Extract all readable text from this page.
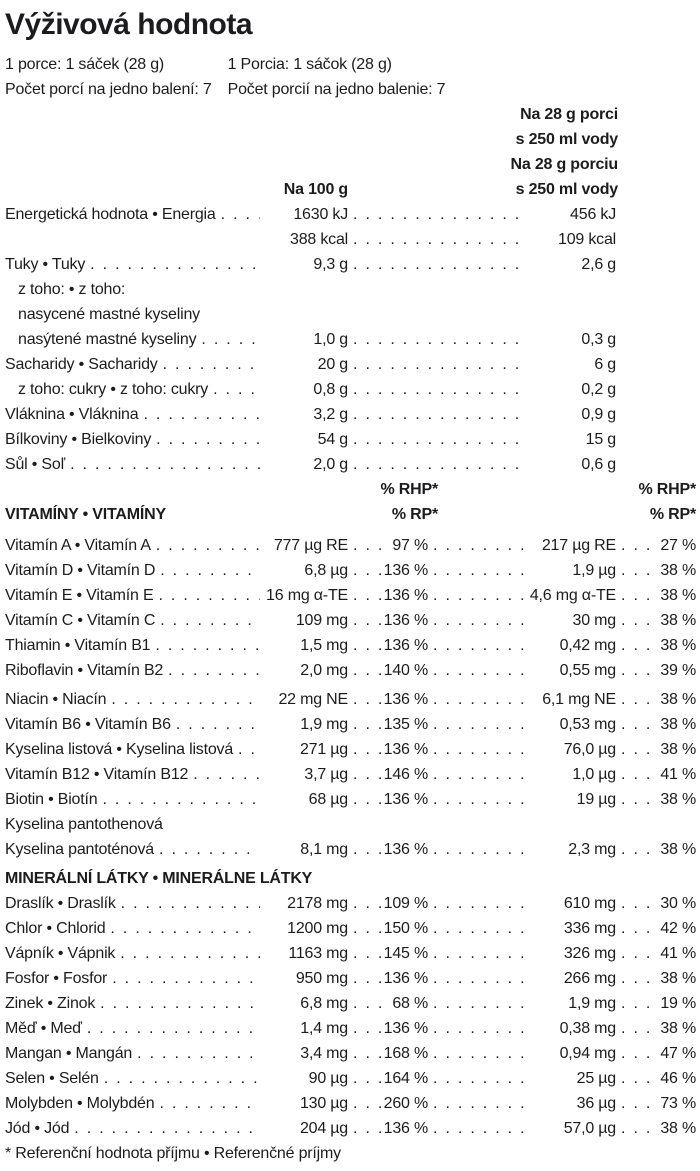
Výživová hodnota
1 porce: 1 sáček (28 g)
Počet porcí na jedno balení: 7
1 Porcia: 1 sáčok (28 g)
Počet porcií na jedno balenie: 7
Na 28 g porci
s 250 ml vody
Na 28 g porciu
Na 100 g	s 250 ml vody
Energetická hodnota • Energia .....	1630 kJ .....	456 kJ
388 kcal .....	109 kcal
Tuky • Tuky .....	9,3 g .....	2,6 g
z toho: • z toho:
nasycené mastné kyseliny
nasýtené mastné kyseliny .....	1,0 g .....	0,3 g
Sacharidy • Sacharidy .....	20 g .....	6 g
z toho: cukry • z toho: cukry .....	0,8 g .....	0,2 g
Vláknina • Vláknina .....	3,2 g .....	0,9 g
Bílkoviny • Bielkoviny .....	54 g .....	15 g
Sůl • Soľ .....	2,0 g .....	0,6 g
% RHP*	% RHP*
VITAMÍNY • VITAMÍNY	% RP*	% RP*
Vitamín A • Vitamín A .....	777 µg RE .....	97 % .....	217 µg RE .....	27 %
Vitamín D • Vitamín D .....	6,8 µg ..... 136 % .....	1,9 µg .....	38 %
Vitamín E • Vitamín E .....	16 mg α-TE ..... 136 % .....	4,6 mg α-TE .....	38 %
Vitamín C • Vitamín C .....	109 mg ..... 136 % .....	30 mg .....	38 %
Thiamin • Vitamín B1 .....	1,5 mg ..... 136 % .....	0,42 mg .....	38 %
Riboflavin • Vitamín B2 .....	2,0 mg ..... 140 % .....	0,55 mg .....	39 %
Niacin • Niacín .....	22 mg NE ..... 136 % .....	6,1 mg NE .....	38 %
Vitamín B6 • Vitamín B6 .....	1,9 mg ..... 135 % .....	0,53 mg .....	38 %
Kyselina listová • Kyselina listová .....	271 µg ..... 136 % .....	76,0 µg .....	38 %
Vitamín B12 • Vitamín B12 .....	3,7 µg ..... 146 % .....	1,0 µg .....	41 %
Biotin • Biotín .....	68 µg ..... 136 % .....	19 µg .....	38 %
Kyselina pantothenová
Kyselina pantoténová .....	8,1 mg ..... 136 % .....	2,3 mg .....	38 %
MINERÁLNÍ LÁTKY • MINERÁLNE LÁTKY
Draslík • Draslík .....	2178 mg ..... 109 % .....	610 mg .....	30 %
Chlor • Chlorid .....	1200 mg ..... 150 % .....	336 mg .....	42 %
Vápník • Vápnik .....	1163 mg ..... 145 % .....	326 mg .....	41 %
Fosfor • Fosfor .....	950 mg ..... 136 % .....	266 mg .....	38 %
Zinek • Zinok .....	6,8 mg .....	68 % .....	1,9 mg .....	19 %
Měď • Meď .....	1,4 mg ..... 136 % .....	0,38 mg .....	38 %
Mangan • Mangán .....	3,4 mg ..... 168 % .....	0,94 mg .....	47 %
Selen • Selén .....	90 µg ..... 164 % .....	25 µg .....	46 %
Molybden • Molybdén .....	130 µg ..... 260 % .....	36 µg .....	73 %
Jód • Jód .....	204 µg ..... 136 % .....	57,0 µg .....	38 %
* Referenční hodnota příjmu • Referenčné príjmy
